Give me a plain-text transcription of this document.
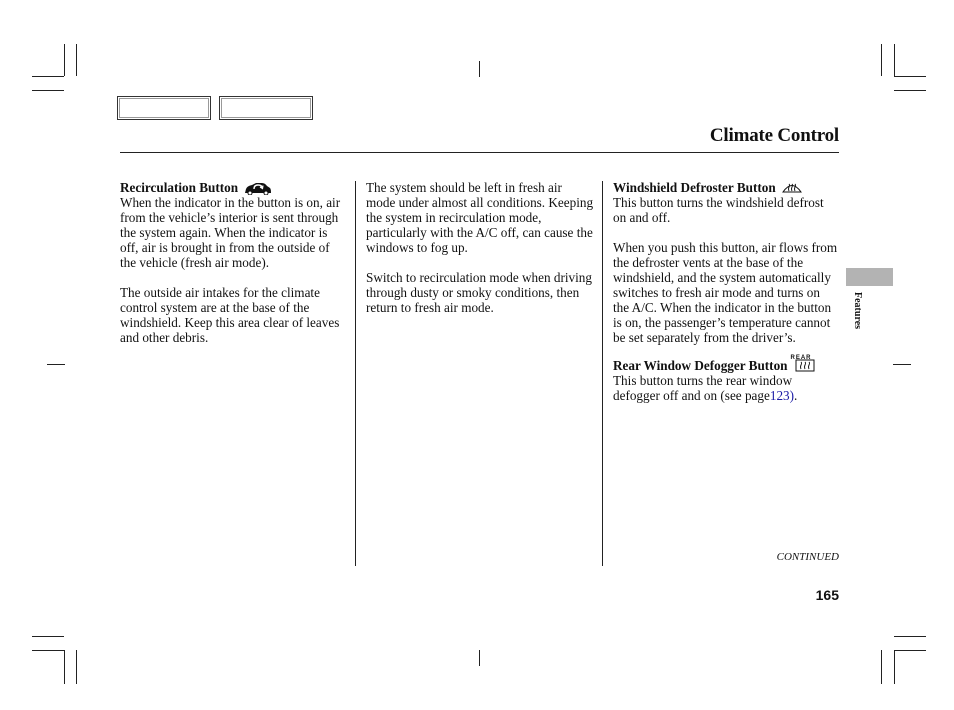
Climate Control
Recirculation Button

When the indicator in the button is on, air from the vehicle’s interior is sent through the system again. When the indicator is off, air is brought in from the outside of the vehicle (fresh air mode).

The outside air intakes for the climate control system are at the base of the windshield. Keep this area clear of leaves and other debris.

The system should be left in fresh air mode under almost all conditions. Keeping the system in recirculation mode, particularly with the A/C off, can cause the windows to fog up.

Switch to recirculation mode when driving through dusty or smoky conditions, then return to fresh air mode.

Windshield Defroster Button

This button turns the windshield defrost on and off.

When you push this button, air flows from the defroster vents at the base of the windshield, and the system automatically switches to fresh air mode and turns on the A/C. When the indicator in the button is on, the passenger’s temperature cannot be set separately from the driver’s.

Rear Window Defogger Button
REAR

This button turns the rear window defogger off and on (see page123).

Features
CONTINUED
165
